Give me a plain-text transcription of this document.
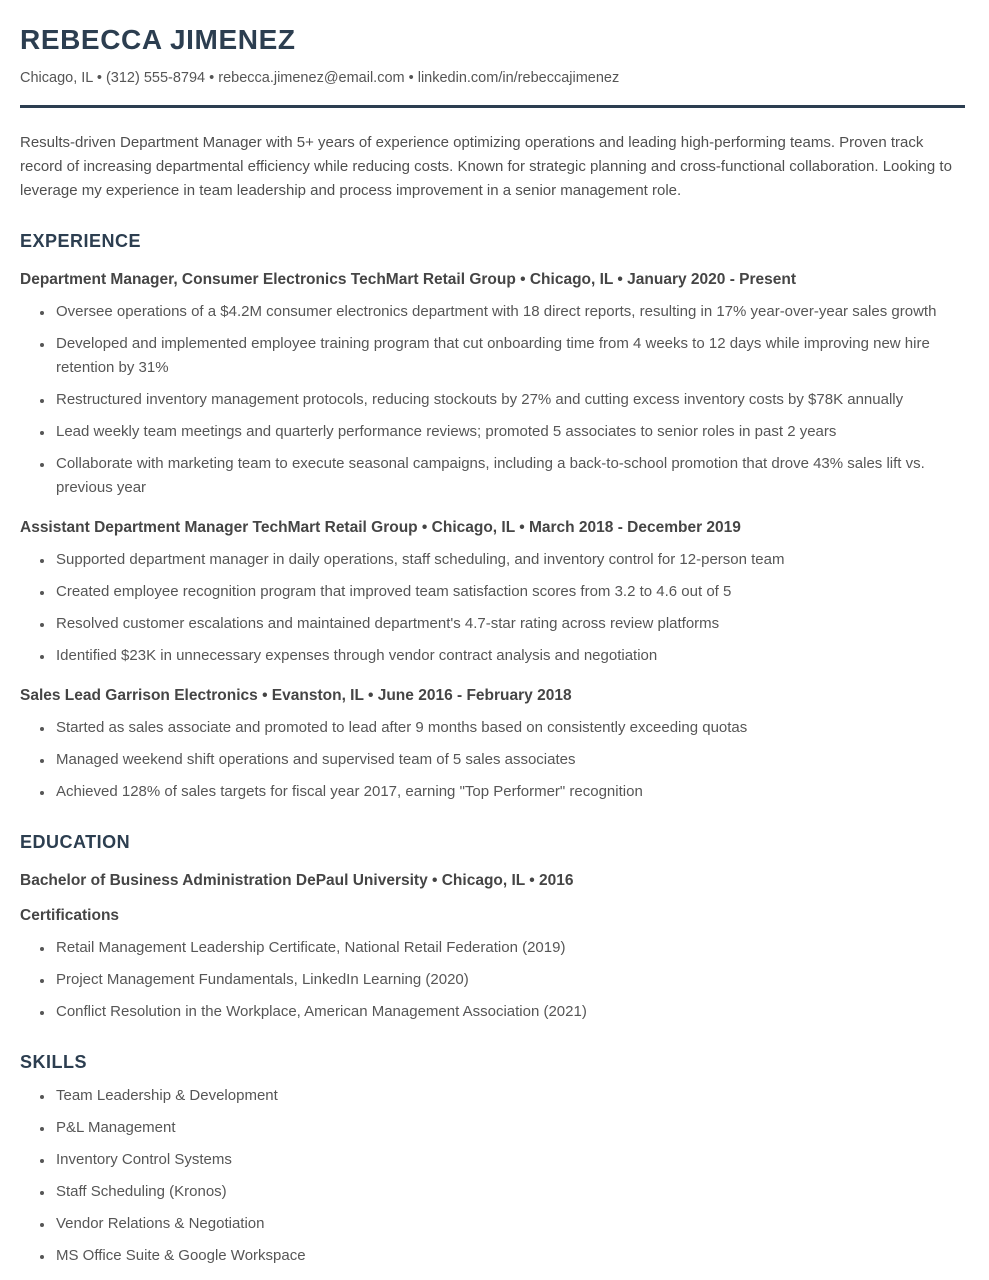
REBECCA JIMENEZ
Chicago, IL • (312) 555-8794 • rebecca.jimenez@email.com • linkedin.com/in/rebeccajimenez

Results-driven Department Manager with 5+ years of experience optimizing operations and leading high-performing teams. Proven track record of increasing departmental efficiency while reducing costs. Known for strategic planning and cross-functional collaboration. Looking to leverage my experience in team leadership and process improvement in a senior management role.

EXPERIENCE
Department Manager, Consumer Electronics TechMart Retail Group • Chicago, IL • January 2020 - Present
• Oversee operations of a $4.2M consumer electronics department with 18 direct reports, resulting in 17% year-over-year sales growth
• Developed and implemented employee training program that cut onboarding time from 4 weeks to 12 days while improving new hire retention by 31%
• Restructured inventory management protocols, reducing stockouts by 27% and cutting excess inventory costs by $78K annually
• Lead weekly team meetings and quarterly performance reviews; promoted 5 associates to senior roles in past 2 years
• Collaborate with marketing team to execute seasonal campaigns, including a back-to-school promotion that drove 43% sales lift vs. previous year
Assistant Department Manager TechMart Retail Group • Chicago, IL • March 2018 - December 2019
• Supported department manager in daily operations, staff scheduling, and inventory control for 12-person team
• Created employee recognition program that improved team satisfaction scores from 3.2 to 4.6 out of 5
• Resolved customer escalations and maintained department's 4.7-star rating across review platforms
• Identified $23K in unnecessary expenses through vendor contract analysis and negotiation
Sales Lead Garrison Electronics • Evanston, IL • June 2016 - February 2018
• Started as sales associate and promoted to lead after 9 months based on consistently exceeding quotas
• Managed weekend shift operations and supervised team of 5 sales associates
• Achieved 128% of sales targets for fiscal year 2017, earning "Top Performer" recognition
EDUCATION
Bachelor of Business Administration DePaul University • Chicago, IL • 2016
Certifications
• Retail Management Leadership Certificate, National Retail Federation (2019)
• Project Management Fundamentals, LinkedIn Learning (2020)
• Conflict Resolution in the Workplace, American Management Association (2021)
SKILLS
• Team Leadership & Development
• P&L Management
• Inventory Control Systems
• Staff Scheduling (Kronos)
• Vendor Relations & Negotiation
• MS Office Suite & Google Workspace
